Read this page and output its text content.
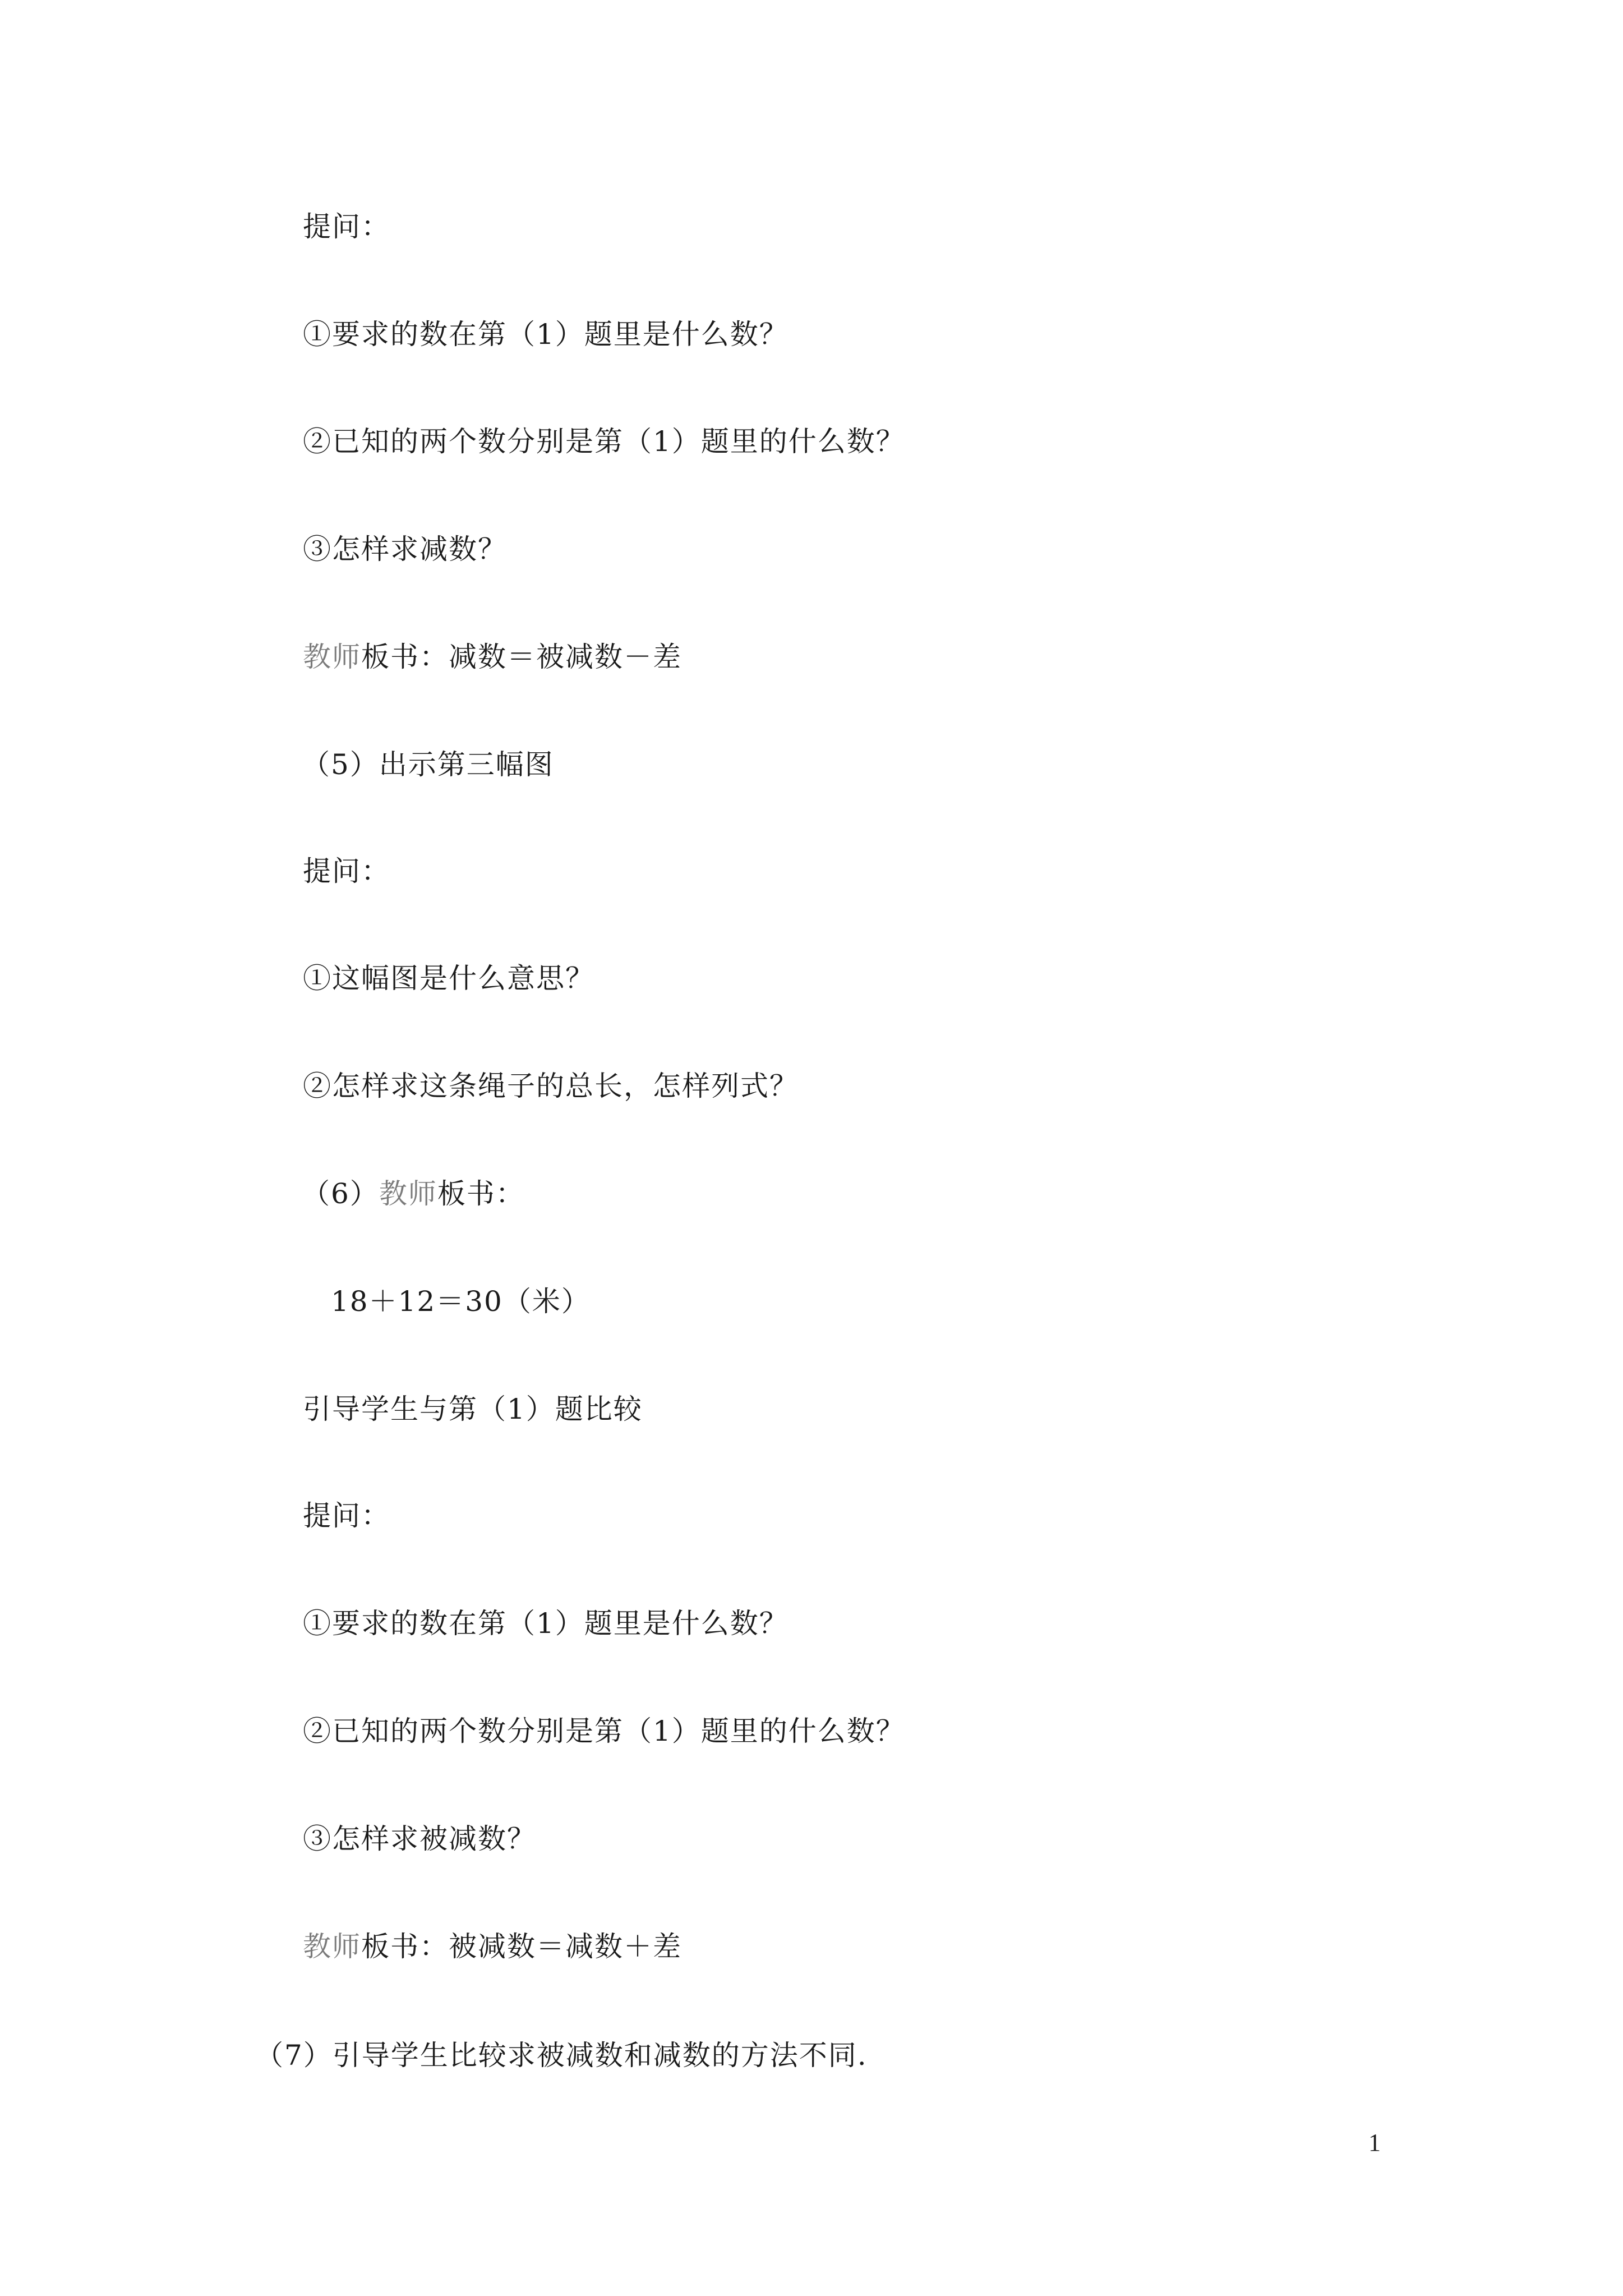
提问：
①要求的数在第（1）题里是什么数？
②已知的两个数分别是第（1）题里的什么数？
③怎样求减数？
教师板书：减数＝被减数－差
（5）出示第三幅图
提问：
①这幅图是什么意思？
②怎样求这条绳子的总长，怎样列式？
（6）教师板书：
18＋12＝30（米）
引导学生与第（1）题比较
提问：
①要求的数在第（1）题里是什么数？
②已知的两个数分别是第（1）题里的什么数？
③怎样求被减数？
教师板书：被减数＝减数＋差
（7）引导学生比较求被减数和减数的方法不同.
1
